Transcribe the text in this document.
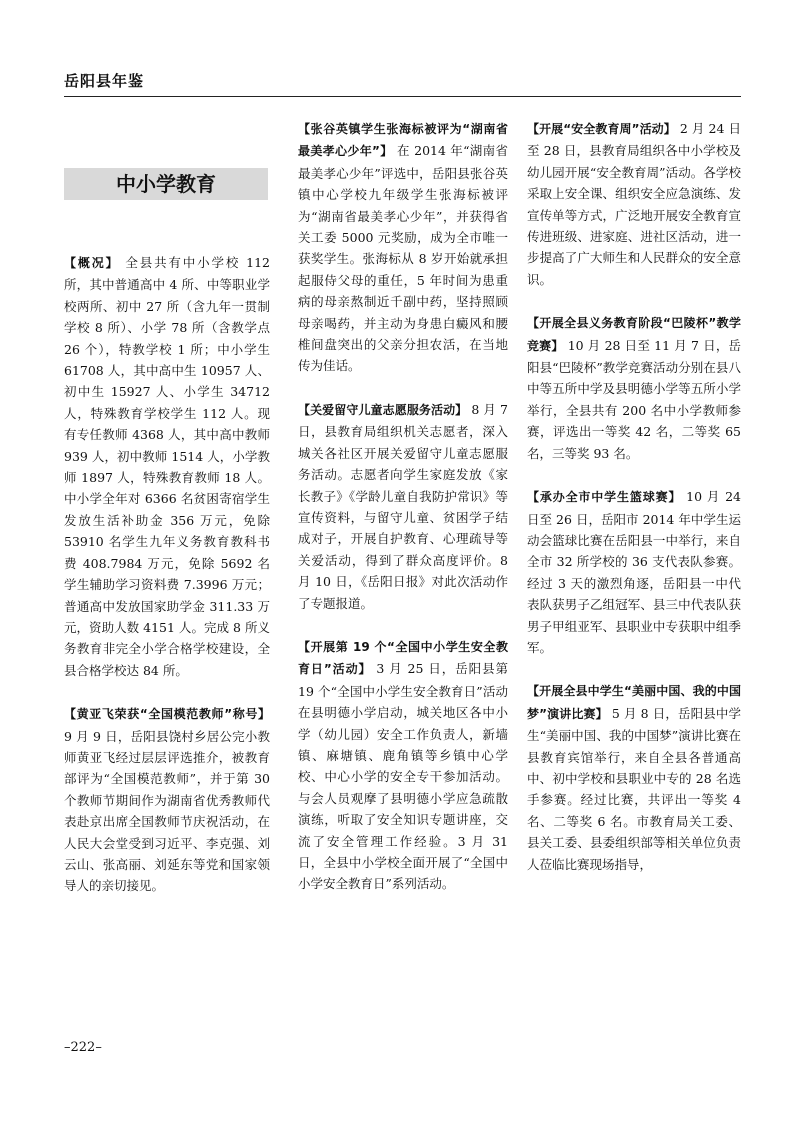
岳阳县年鉴
中小学教育

【概况】 全县共有中小学校 112 所，其中普通高中 4 所、中等职业学校两所、初中 27 所（含九年一贯制学校 8 所）、小学 78 所（含教学点 26 个），特教学校 1 所；中小学生 61708 人，其中高中生 10957 人、初中生 15927 人、小学生 34712 人，特殊教育学校学生 112 人。现有专任教师 4368 人，其中高中教师 939 人，初中教师 1514 人，小学教师 1897 人，特殊教育教师 18 人。中小学全年对 6366 名贫困寄宿学生发放生活补助金 356 万元，免除 53910 名学生九年义务教育教科书费 408.7984 万元，免除 5692 名学生辅助学习资料费 7.3996 万元；普通高中发放国家助学金 311.33 万元，资助人数 4151 人。完成 8 所义务教育非完全小学合格学校建设，全县合格学校达 84 所。

【黄亚飞荣获“全国模范教师”称号】 9 月 9 日，岳阳县饶村乡居公完小教师黄亚飞经过层层评选推介，被教育部评为“全国模范教师”，并于第 30 个教师节期间作为湖南省优秀教师代表赴京出席全国教师节庆祝活动，在人民大会堂受到习近平、李克强、刘云山、张高丽、刘延东等党和国家领导人的亲切接见。

【张谷英镇学生张海标被评为“湖南省最美孝心少年”】 在 2014 年“湖南省最美孝心少年”评选中，岳阳县张谷英镇中心学校九年级学生张海标被评为“湖南省最美孝心少年”，并获得省关工委 5000 元奖励，成为全市唯一获奖学生。张海标从 8 岁开始就承担起服侍父母的重任，5 年时间为患重病的母亲熬制近千副中药，坚持照顾母亲喝药，并主动为身患白癜风和腰椎间盘突出的父亲分担农活，在当地传为佳话。

【关爱留守儿童志愿服务活动】 8 月 7 日，县教育局组织机关志愿者，深入城关各社区开展关爱留守儿童志愿服务活动。志愿者向学生家庭发放《家长教子》《学龄儿童自我防护常识》等宣传资料，与留守儿童、贫困学子结成对子，开展自护教育、心理疏导等关爱活动，得到了群众高度评价。8 月 10 日，《岳阳日报》对此次活动作了专题报道。

【开展第 19 个“全国中小学生安全教育日”活动】 3 月 25 日，岳阳县第 19 个“全国中小学生安全教育日”活动在县明德小学启动，城关地区各中小学（幼儿园）安全工作负责人，新墙镇、麻塘镇、鹿角镇等乡镇中心学校、中心小学的安全专干参加活动。与会人员观摩了县明德小学应急疏散演练，听取了安全知识专题讲座，交流了安全管理工作经验。3 月 31 日，全县中小学校全面开展了“全国中小学安全教育日”系列活动。

【开展“安全教育周”活动】 2 月 24 日至 28 日，县教育局组织各中小学校及幼儿园开展“安全教育周”活动。各学校采取上安全课、组织安全应急演练、发宣传单等方式，广泛地开展安全教育宣传进班级、进家庭、进社区活动，进一步提高了广大师生和人民群众的安全意识。

【开展全县义务教育阶段“巴陵杯”教学竞赛】 10 月 28 日至 11 月 7 日，岳阳县“巴陵杯”教学竞赛活动分别在县八中等五所中学及县明德小学等五所小学举行，全县共有 200 名中小学教师参赛，评选出一等奖 42 名，二等奖 65 名，三等奖 93 名。

【承办全市中学生篮球赛】 10 月 24 日至 26 日，岳阳市 2014 年中学生运动会篮球比赛在岳阳县一中举行，来自全市 32 所学校的 36 支代表队参赛。经过 3 天的激烈角逐，岳阳县一中代表队获男子乙组冠军、县三中代表队获男子甲组亚军、县职业中专获职中组季军。

【开展全县中学生“美丽中国、我的中国梦”演讲比赛】 5 月 8 日，岳阳县中学生“美丽中国、我的中国梦”演讲比赛在县教育宾馆举行，来自全县各普通高中、初中学校和县职业中专的 28 名选手参赛。经过比赛，共评出一等奖 4 名、二等奖 6 名。市教育局关工委、县关工委、县委组织部等相关单位负责人莅临比赛现场指导，

–222–
